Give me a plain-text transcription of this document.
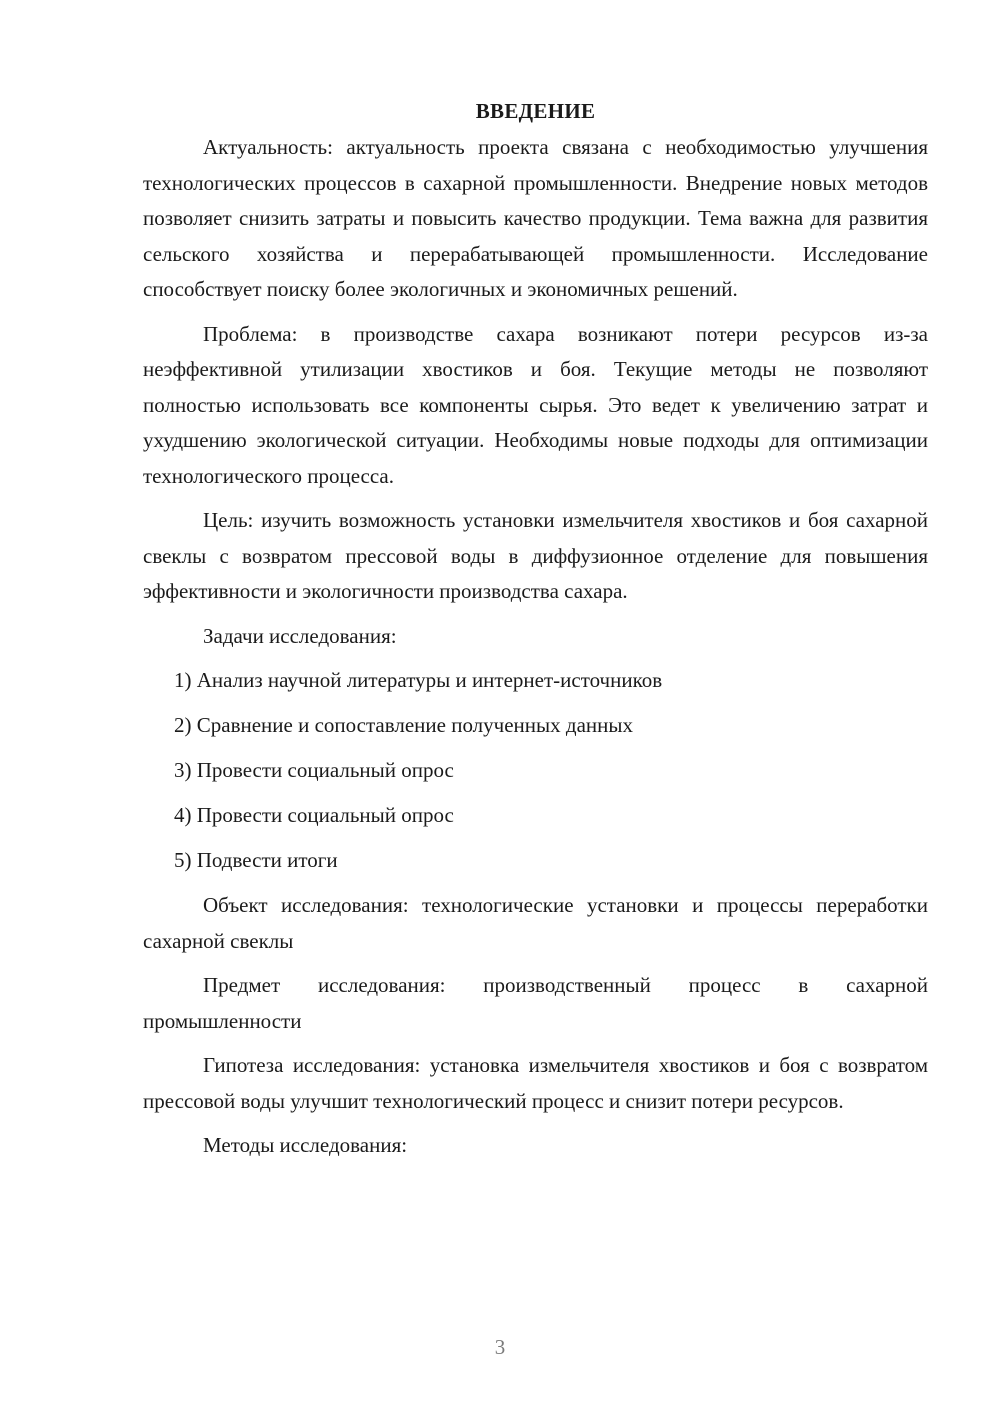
ВВЕДЕНИЕ

Актуальность: актуальность проекта связана с необходимостью улучшения технологических процессов в сахарной промышленности. Внедрение новых методов позволяет снизить затраты и повысить качество продукции. Тема важна для развития сельского хозяйства и перерабатывающей промышленности. Исследование способствует поиску более экологичных и экономичных решений.

Проблема: в производстве сахара возникают потери ресурсов из-за неэффективной утилизации хвостиков и боя. Текущие методы не позволяют полностью использовать все компоненты сырья. Это ведет к увеличению затрат и ухудшению экологической ситуации. Необходимы новые подходы для оптимизации технологического процесса.

Цель: изучить возможность установки измельчителя хвостиков и боя сахарной свеклы с возвратом прессовой воды в диффузионное отделение для повышения эффективности и экологичности производства сахара.

Задачи исследования:
1) Анализ научной литературы и интернет-источников
2) Сравнение и сопоставление полученных данных
3) Провести социальный опрос
4) Провести социальный опрос
5) Подвести итоги

Объект исследования: технологические установки и процессы переработки сахарной свеклы

Предмет исследования: производственный процесс в сахарной промышленности

Гипотеза исследования: установка измельчителя хвостиков и боя с возвратом прессовой воды улучшит технологический процесс и снизит потери ресурсов.

Методы исследования:
3
